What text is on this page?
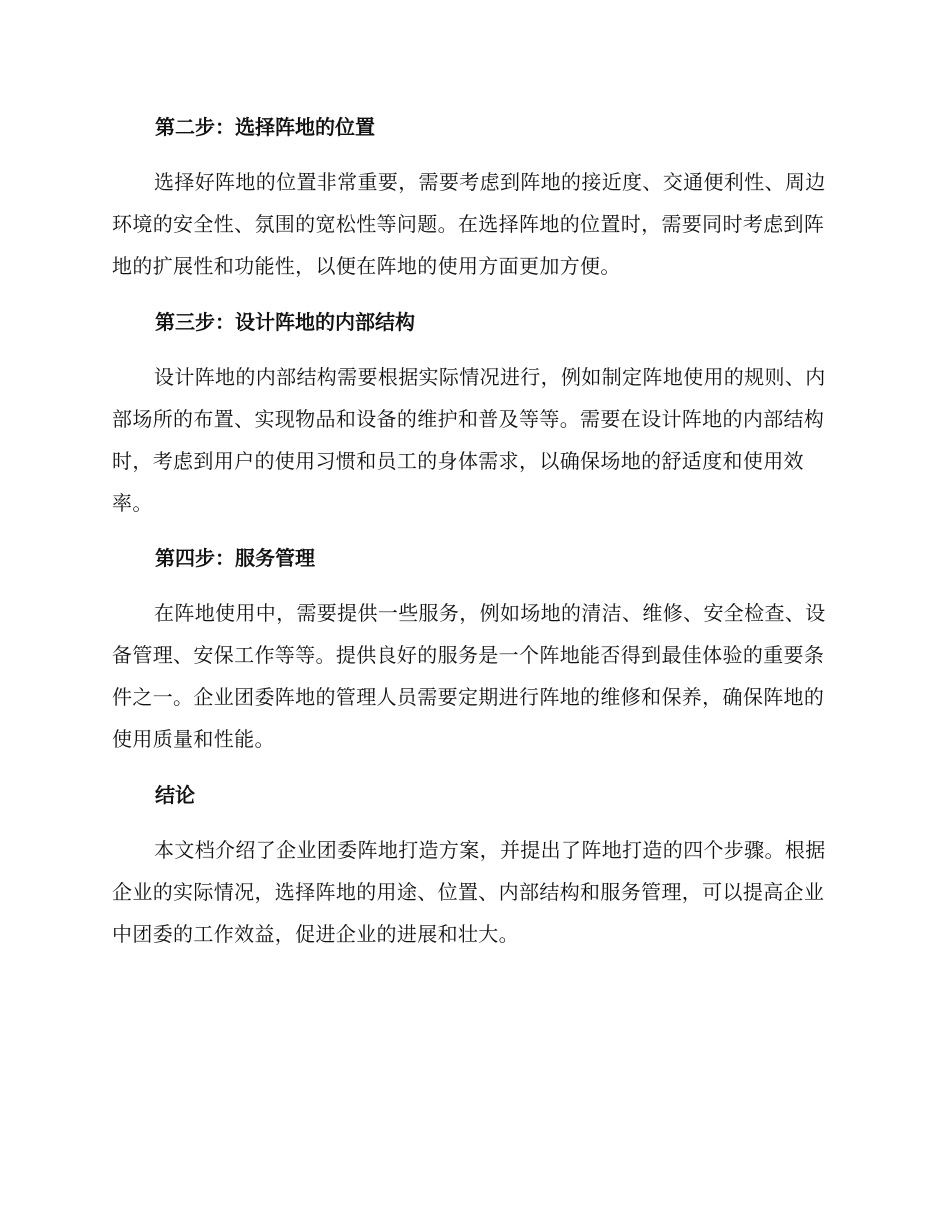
第二步：选择阵地的位置

选择好阵地的位置非常重要，需要考虑到阵地的接近度、交通便利性、周边环境的安全性、氛围的宽松性等问题。在选择阵地的位置时，需要同时考虑到阵地的扩展性和功能性，以便在阵地的使用方面更加方便。

第三步：设计阵地的内部结构

设计阵地的内部结构需要根据实际情况进行，例如制定阵地使用的规则、内部场所的布置、实现物品和设备的维护和普及等等。需要在设计阵地的内部结构时，考虑到用户的使用习惯和员工的身体需求，以确保场地的舒适度和使用效率。

第四步：服务管理

在阵地使用中，需要提供一些服务，例如场地的清洁、维修、安全检查、设备管理、安保工作等等。提供良好的服务是一个阵地能否得到最佳体验的重要条件之一。企业团委阵地的管理人员需要定期进行阵地的维修和保养，确保阵地的使用质量和性能。

结论

本文档介绍了企业团委阵地打造方案，并提出了阵地打造的四个步骤。根据企业的实际情况，选择阵地的用途、位置、内部结构和服务管理，可以提高企业中团委的工作效益，促进企业的进展和壮大。
